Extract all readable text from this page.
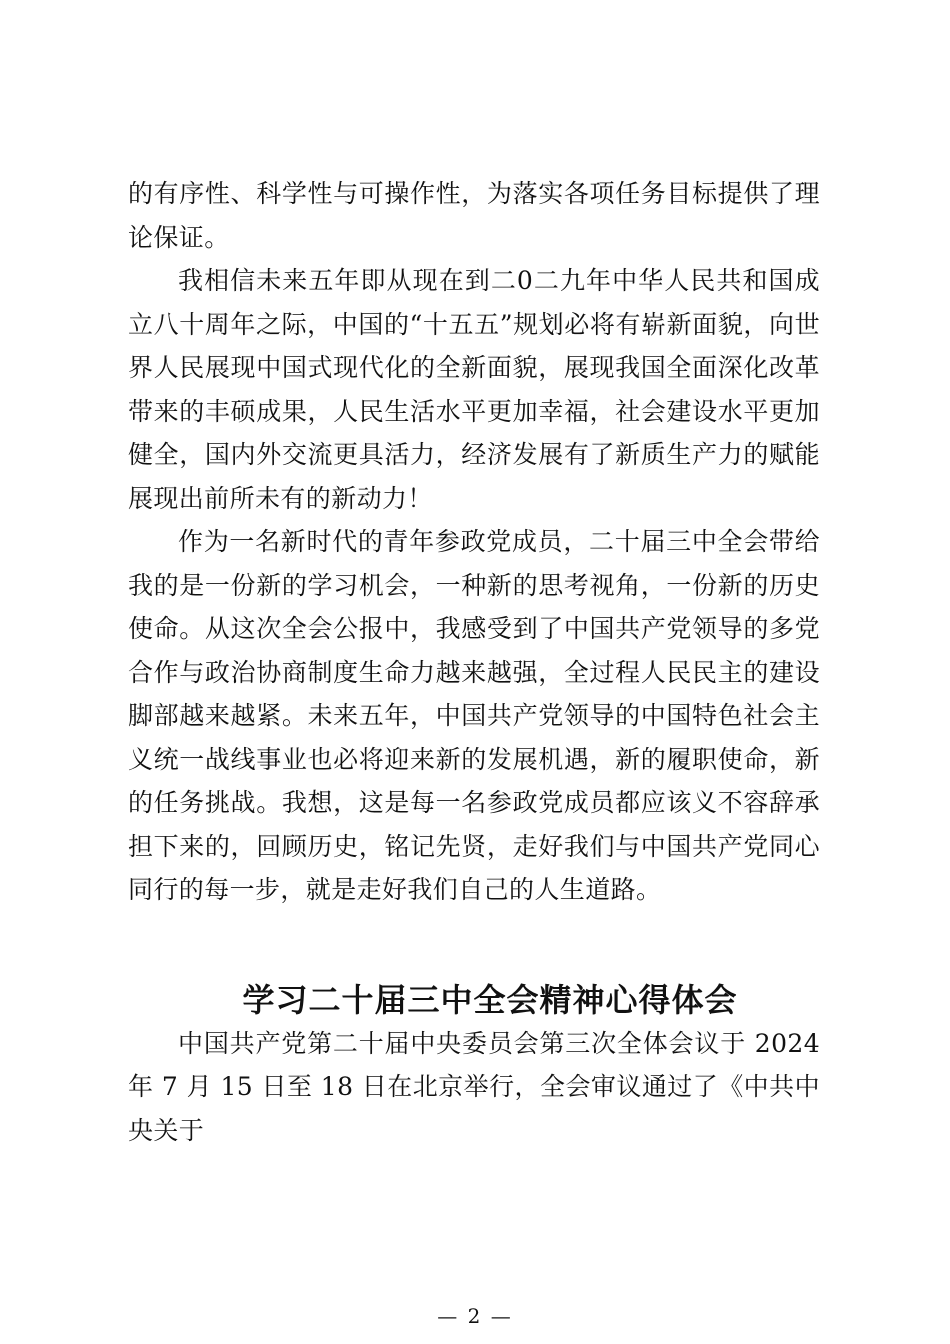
的有序性、科学性与可操作性，为落实各项任务目标提供了理论保证。

我相信未来五年即从现在到二0二九年中华人民共和国成立八十周年之际，中国的“十五五”规划必将有崭新面貌，向世界人民展现中国式现代化的全新面貌，展现我国全面深化改革带来的丰硕成果，人民生活水平更加幸福，社会建设水平更加健全，国内外交流更具活力，经济发展有了新质生产力的赋能展现出前所未有的新动力！

作为一名新时代的青年参政党成员，二十届三中全会带给我的是一份新的学习机会，一种新的思考视角，一份新的历史使命。从这次全会公报中，我感受到了中国共产党领导的多党合作与政治协商制度生命力越来越强，全过程人民民主的建设脚部越来越紧。未来五年，中国共产党领导的中国特色社会主义统一战线事业也必将迎来新的发展机遇，新的履职使命，新的任务挑战。我想，这是每一名参政党成员都应该义不容辞承担下来的，回顾历史，铭记先贤，走好我们与中国共产党同心同行的每一步，就是走好我们自己的人生道路。

学习二十届三中全会精神心得体会

中国共产党第二十届中央委员会第三次全体会议于 2024 年 7 月 15 日至 18 日在北京举行，全会审议通过了《中共中央关于

— 2 —
